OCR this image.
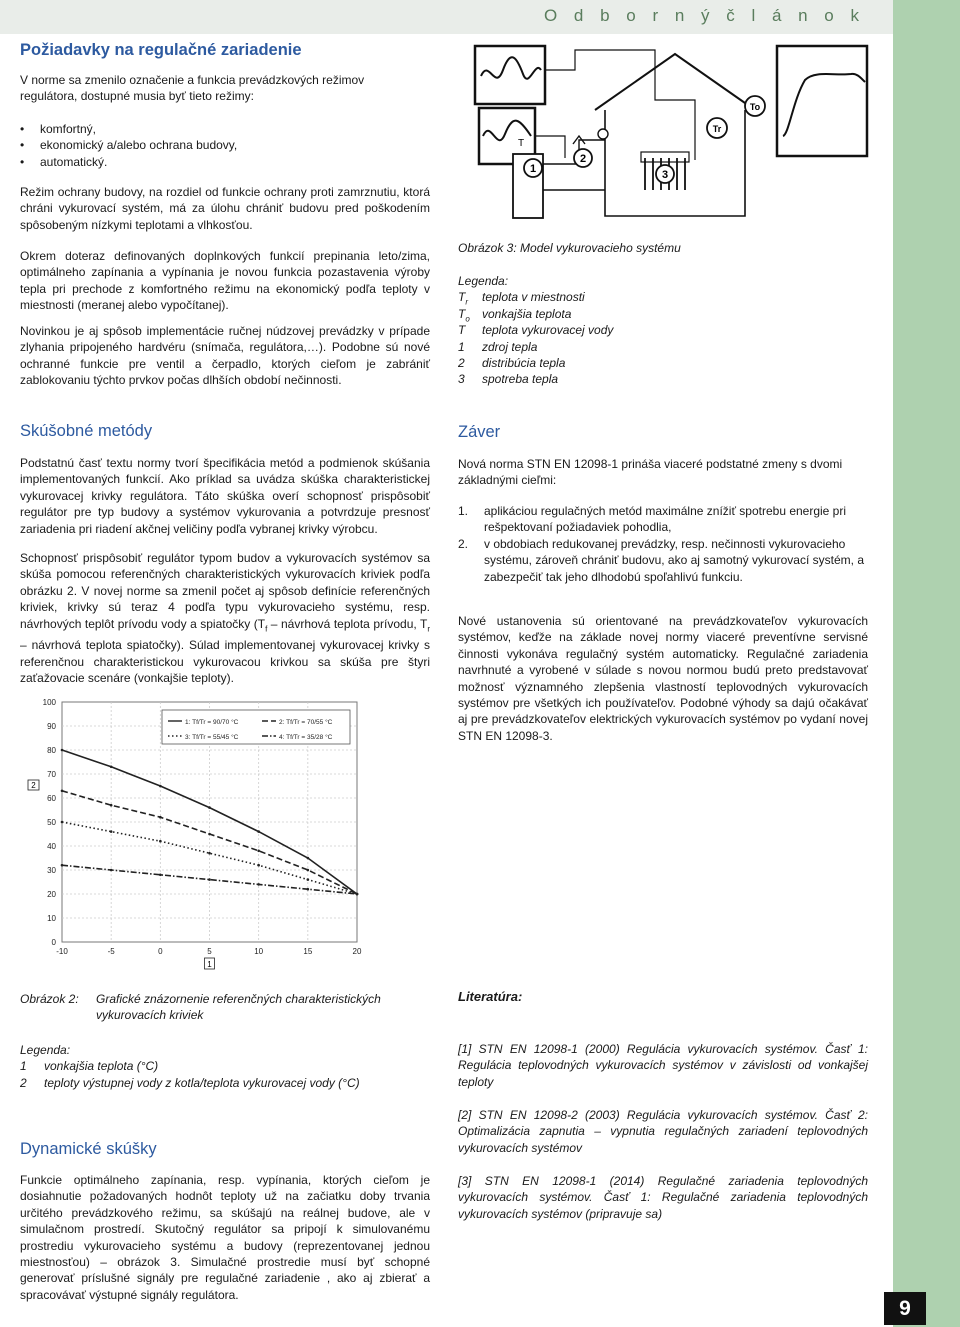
O d b o r n ý č l á n o k
9
Požiadavky na regulačné zariadenie
V norme sa zmenilo označenie a funkcia prevádzkových režimov regulátora, dostupné musia byť tieto režimy:
• komfortný,
• ekonomický a/alebo ochrana budovy,
• automatický.
Režim ochrany budovy, na rozdiel od funkcie ochrany proti zamrznutiu, ktorá chráni vykurovací systém, má za úlohu chrániť budovu pred poškodením spôsobeným nízkymi teplotami a vlhkosťou.
Okrem doteraz definovaných doplnkových funkcií prepinania leto/zima, optimálneho zapínania a vypínania je novou funkcia pozastavenia výroby tepla pri prechode z komfortného režimu na ekonomický podľa teploty v miestnosti (meranej alebo vypočítanej).
Novinkou je aj spôsob implementácie ručnej núdzovej prevádzky v prípade zlyhania pripojeného hardvéru (snímača, regulátora,…). Podobne sú nové ochranné funkcie pre ventil a čerpadlo, ktorých cieľom je zabrániť zablokovaniu týchto prvkov počas dlhších období nečinnosti.
Skúšobné metódy
Podstatnú časť textu normy tvorí špecifikácia metód a podmienok skúšania implementovaných funkcií. Ako príklad sa uvádza skúška charakteristickej vykurovacej krivky regulátora. Táto skúška overí schopnosť prispôsobiť regulátor pre typ budovy a systémov vykurovania a potvrdzuje presnosť zariadenia pri riadení akčnej veličiny podľa vybranej krivky výrobcu.
Schopnosť prispôsobiť regulátor typom budov a vykurovacích systémov sa skúša pomocou referenčných charakteristických vykurovacích kriviek podľa obrázku 2. V novej norme sa zmenil počet aj spôsob definície referenčných kriviek, krivky sú teraz 4 podľa typu vykurovacieho systému, resp. návrhových teplôt prívodu vody a spiatočky ($T_f$ – návrhová teplota prívodu, $T_r$ – návrhová teplota spiatočky). Súlad implementovanej vykurovacej krivky s referenčnou charakteristickou vykurovacou krivkou sa skúša pre štyri zaťažovacie scenáre (vonkajšie teploty).
0
10
20
30
40
50
60
70
80
90
100
-10	-5	0	5	10	15	20
1
2
1: Tf/Tr = 90/70 °C	2: Tf/Tr = 70/55 °C
3: Tf/Tr = 55/45 °C	4: Tf/Tr = 35/28 °C
Obrázok 2:	Grafické znázornenie referenčných charakteristických vykurovacích kriviek
Legenda:
1 vonkajšia teplota (°C)
2 teploty výstupnej vody z kotla/teplota vykurovacej vody (°C)
Dynamické skúšky
Funkcie optimálneho zapínania, resp. vypínania, ktorých cieľom je dosiahnutie požadovaných hodnôt teploty už na začiatku doby trvania určitého prevádzkového režimu, sa skúšajú na reálnej budove, ale v simulačnom prostredí. Skutočný regulátor sa pripojí k simulovanému prostrediu vykurovacieho systému a budovy (reprezentovanej jednou miestnosťou) – obrázok 3. Simulačné prostredie musí byť schopné generovať príslušné signály pre regulačné zariadenie , ako aj zbierať a spracovávať výstupné signály regulátora.
1
T
2
3
Tr
To
Obrázok 3: Model vykurovacieho systému
Legenda:
$T_r$ teplota v miestnosti
$T_o$ vonkajšia teplota
T teplota vykurovacej vody
1 zdroj tepla
2 distribúcia tepla
3 spotreba tepla
Záver
Nová norma STN EN 12098-1 prináša viaceré podstatné zmeny s dvomi základnými cieľmi:
1. aplikáciou regulačných metód maximálne znížiť spotrebu energie pri rešpektovaní požiadaviek pohodlia,
2. v obdobiach redukovanej prevádzky, resp. nečinnosti vykurovacieho systému, zároveň chrániť budovu, ako aj samotný vykurovací systém, a zabezpečiť tak jeho dlhodobú spoľahlivú funkciu.
Nové ustanovenia sú orientované na prevádzkovateľov vykurovacích systémov, keďže na základe novej normy viaceré preventívne servisné činnosti vykonáva regulačný systém automaticky. Regulačné zariadenia navrhnuté a vyrobené v súlade s novou normou budú preto predstavovať možnosť významného zlepšenia vlastností teplovodných vykurovacích systémov pre všetkých ich používateľov. Podobné výhody sa dajú očakávať aj pre prevádzkovateľov elektrických vykurovacích systémov po vydaní novej STN EN 12098-3.
Literatúra:
[1] STN EN 12098-1 (2000) Regulácia vykurovacích systémov. Časť 1: Regulácia teplovodných vykurovacích systémov v závislosti od vonkajšej teploty
[2] STN EN 12098-2 (2003) Regulácia vykurovacích systémov. Časť 2: Optimalizácia zapnutia – vypnutia regulačných zariadení teplovodných vykurovacích systémov
[3] STN EN 12098-1 (2014) Regulačné zariadenia teplovodných vykurovacích systémov. Časť 1: Regulačné zariadenia teplovodných vykurovacích systémov (pripravuje sa)
